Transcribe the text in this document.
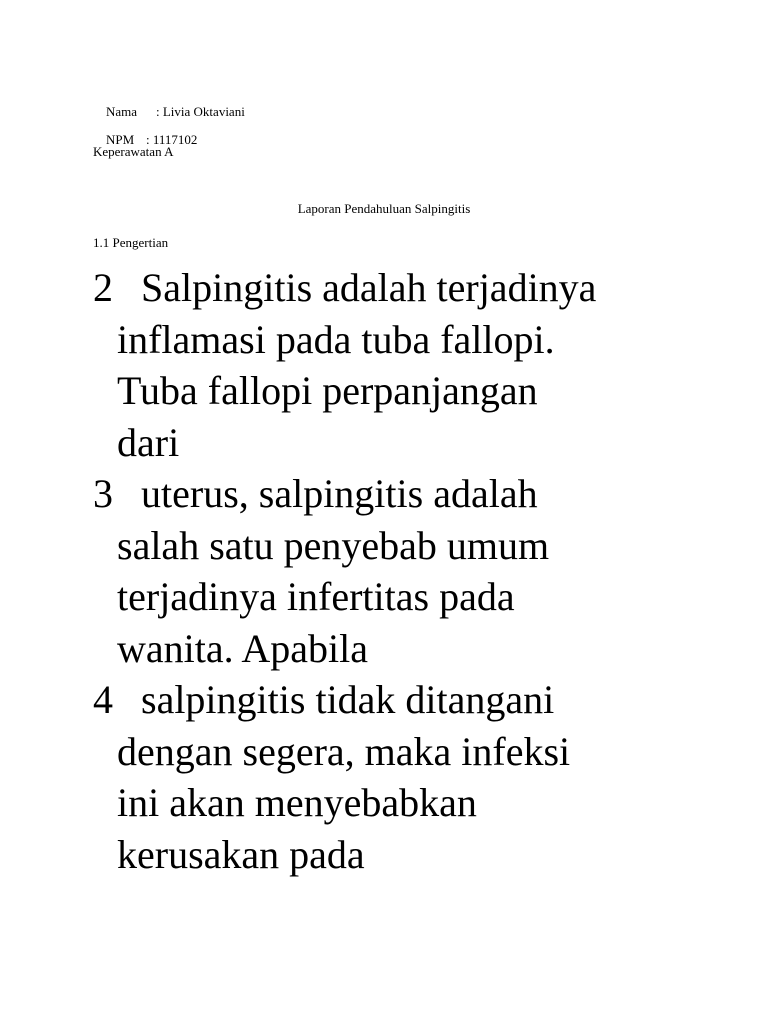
Nama : Livia Oktaviani

NPM : 1117102

Keperawatan A
Laporan Pendahuluan Salpingitis
1.1 Pengertian
2 Salpingitis adalah terjadinya
inflamasi pada tuba fallopi.
Tuba fallopi perpanjangan
dari
3 uterus, salpingitis adalah
salah satu penyebab umum
terjadinya infertitas pada
wanita. Apabila
4 salpingitis tidak ditangani
dengan segera, maka infeksi
ini akan menyebabkan
kerusakan pada
